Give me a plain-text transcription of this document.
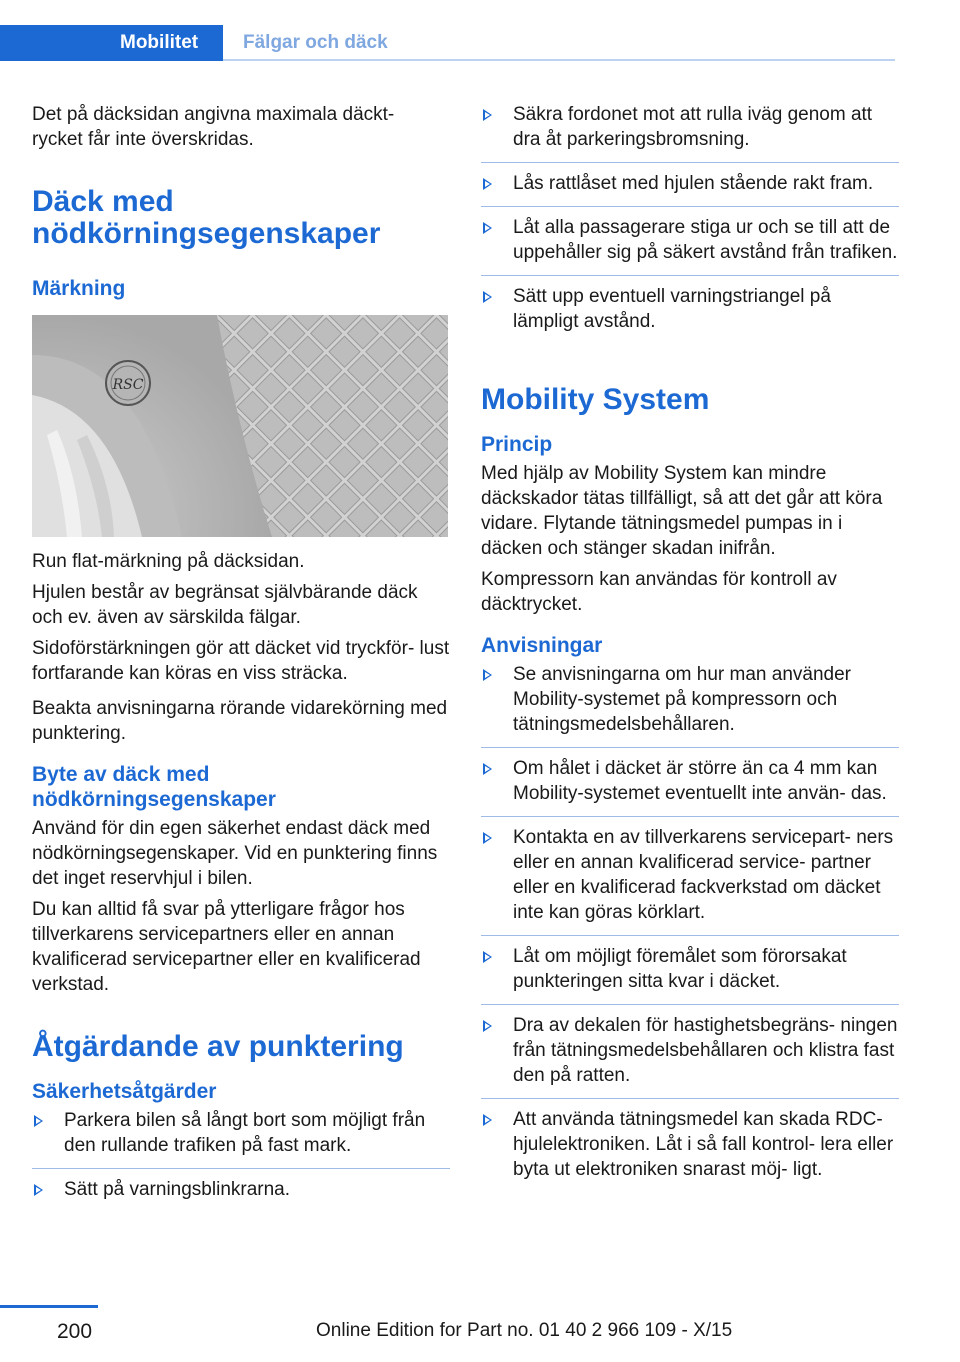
Mobilitet	Fälgar och däck

Det på däcksidan angivna maximala däckt‐ rycket får inte överskridas.

Däck med nödkörningsegenskaper
Märkning
RSC

Run flat-märkning på däcksidan.

Hjulen består av begränsat självbärande däck och ev. även av särskilda fälgar.

Sidoförstärkningen gör att däcket vid tryckför‐ lust fortfarande kan köras en viss sträcka.

Beakta anvisningarna rörande vidarekörning med punktering.

Byte av däck med nödkörningsegenskaper

Använd för din egen säkerhet endast däck med nödkörningsegenskaper. Vid en punktering finns det inget reservhjul i bilen.

Du kan alltid få svar på ytterligare frågor hos tillverkarens servicepartners eller en annan kvalificerad servicepartner eller en kvalificerad verkstad.

Åtgärdande av punktering
Säkerhetsåtgärder
Parkera bilen så långt bort som möjligt från den rullande trafiken på fast mark.
Sätt på varningsblinkrarna.
Säkra fordonet mot att rulla iväg genom att dra åt parkeringsbromsning.
Lås rattlåset med hjulen stående rakt fram.
Låt alla passagerare stiga ur och se till att de uppehåller sig på säkert avstånd från trafiken.
Sätt upp eventuell varningstriangel på lämpligt avstånd.
Mobility System
Princip

Med hjälp av Mobility System kan mindre däckskador tätas tillfälligt, så att det går att köra vidare. Flytande tätningsmedel pumpas in i däcken och stänger skadan inifrån.

Kompressorn kan användas för kontroll av däcktrycket.

Anvisningar
Se anvisningarna om hur man använder Mobility-systemet på kompressorn och tätningsmedelsbehållaren.
Om hålet i däcket är större än ca 4 mm kan Mobility-systemet eventuellt inte använ‐ das.
Kontakta en av tillverkarens servicepart‐ ners eller en annan kvalificerad service‐ partner eller en kvalificerad fackverkstad om däcket inte kan göras körklart.
Låt om möjligt föremålet som förorsakat punkteringen sitta kvar i däcket.
Dra av dekalen för hastighetsbegräns‐ ningen från tätningsmedelsbehållaren och klistra fast den på ratten.
Att använda tätningsmedel kan skada RDC-hjulelektroniken. Låt i så fall kontrol‐ lera eller byta ut elektroniken snarast möj‐ ligt.
200	Online Edition for Part no. 01 40 2 966 109 - X/15
